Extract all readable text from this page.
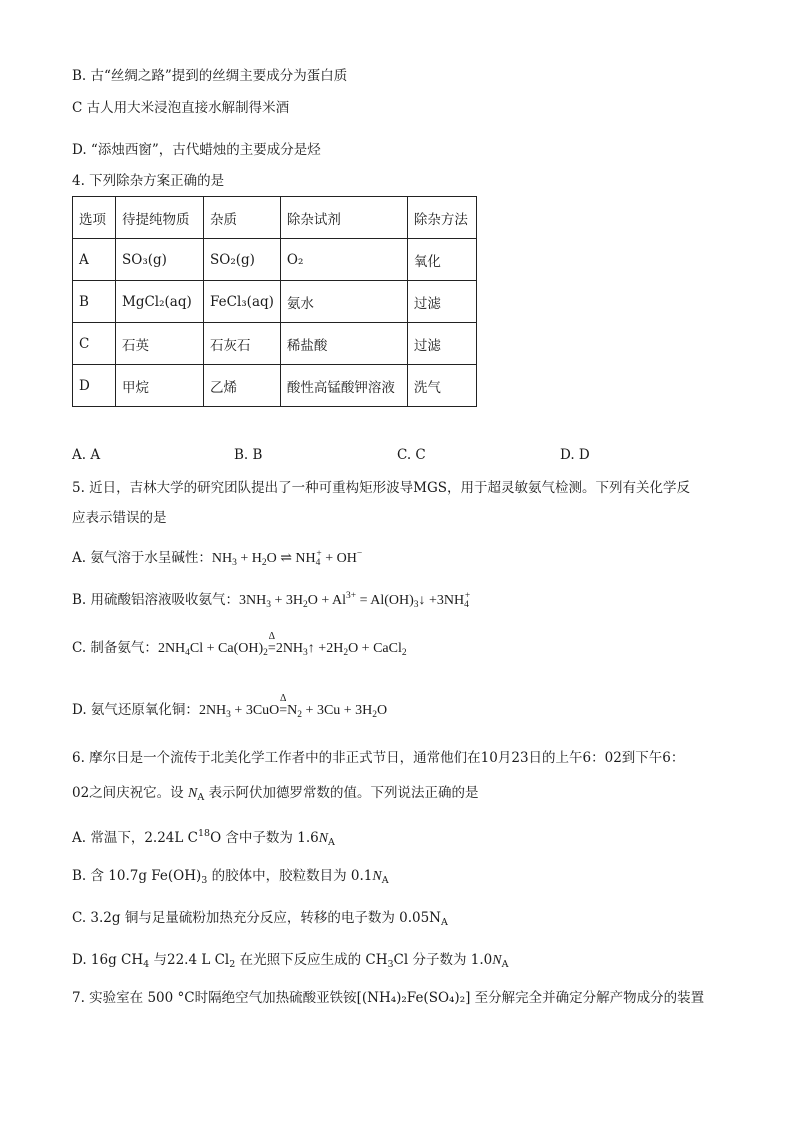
B. 古“丝绸之路”提到的丝绸主要成分为蛋白质
C 古人用大米浸泡直接水解制得米酒
D. “添烛西窗”，古代蜡烛的主要成分是烃
4. 下列除杂方案正确的是
选项	待提纯物质	杂质	除杂试剂	除杂方法
A	SO₃(g)	SO₂(g)	O₂	氧化
B	MgCl₂(aq)	FeCl₃(aq)	氨水	过滤
C	石英	石灰石	稀盐酸	过滤
D	甲烷	乙烯	酸性高锰酸钾溶液	洗气
A. A	B. B	C. C	D. D
5. 近日，吉林大学的研究团队提出了一种可重构矩形波导MGS，用于超灵敏氨气检测。下列有关化学反
应表示错误的是
A. 氨气溶于水呈碱性：$NH_3 + H_2O$ ⇌ $NH_4^+ + OH^-$
B. 用硫酸铝溶液吸收氨气：$3NH_3 + 3H_2O + Al^{3+}$ = $Al(OH)_3↓ +3NH_4^+$
C. 制备氨气：$2NH_4Cl + Ca(OH)_2=$
Δ
$2NH_3↑ +2H_2O$ + CaCl$_2$
D. 氨气还原氧化铜：$2NH_3 + 3CuO=$
Δ
$N_2 + 3Cu + 3H_2O$
6. 摩尔日是一个流传于北美化学工作者中的非正式节日，通常他们在10月23日的上午6：02到下午6：
02之间庆祝它。设 $N_A$ 表示阿伏加德罗常数的值。下列说法正确的是
A. 常温下，2.24L $C^{18}O$ 含中子数为 $1.6N_A$
B. 含 10.7g $Fe(OH)_3$ 的胶体中，胶粒数目为 $0.1N_A$
C. 3.2g 铜与足量硫粉加热充分反应，转移的电子数为 $0.05N_A$
D. 16g $CH_4$ 与22.4 L $Cl_2$ 在光照下反应生成的 $CH_3Cl$ 分子数为 $1.0N_A$
7. 实验室在 500 °C时隔绝空气加热硫酸亚铁铵[(NH₄)₂Fe(SO₄)₂] 至分解完全并确定分解产物成分的装置
